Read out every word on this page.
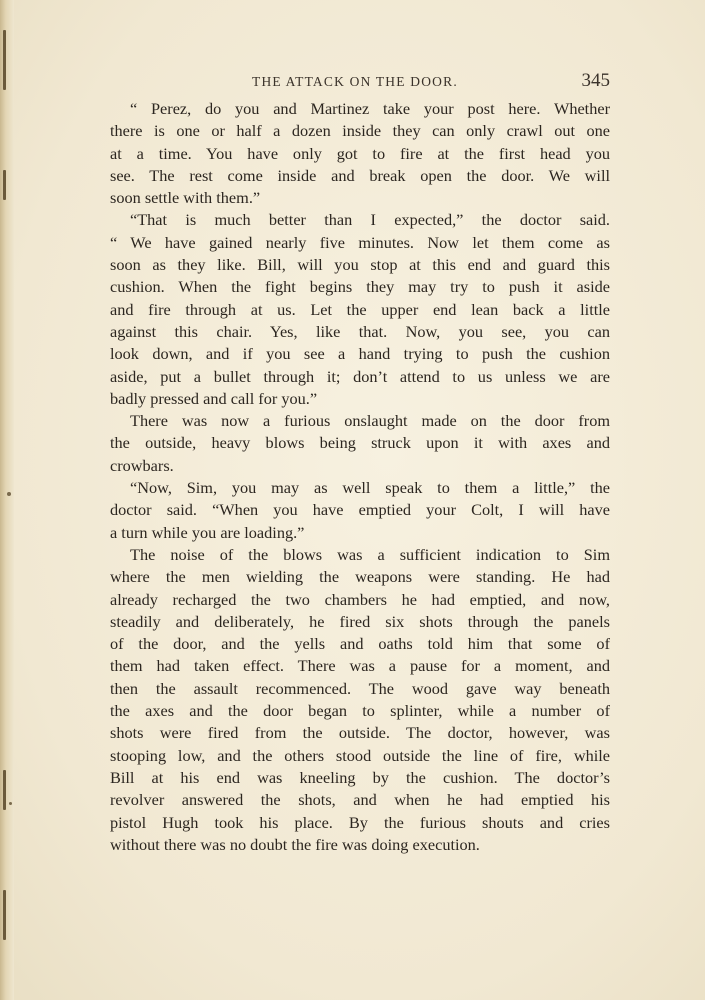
THE ATTACK ON THE DOOR.	345
“ Perez, do you and Martinez take your post here. Whether
there is one or half a dozen inside they can only crawl out one
at a time. You have only got to fire at the first head you
see. The rest come inside and break open the door. We will
soon settle with them.”
“That is much better than I expected,” the doctor said.
“ We have gained nearly five minutes. Now let them come as
soon as they like. Bill, will you stop at this end and guard this
cushion. When the fight begins they may try to push it aside
and fire through at us. Let the upper end lean back a little
against this chair. Yes, like that. Now, you see, you can
look down, and if you see a hand trying to push the cushion
aside, put a bullet through it; don’t attend to us unless we are
badly pressed and call for you.”
There was now a furious onslaught made on the door from
the outside, heavy blows being struck upon it with axes and
crowbars.
“Now, Sim, you may as well speak to them a little,” the
doctor said. “When you have emptied your Colt, I will have
a turn while you are loading.”
The noise of the blows was a sufficient indication to Sim
where the men wielding the weapons were standing. He had
already recharged the two chambers he had emptied, and now,
steadily and deliberately, he fired six shots through the panels
of the door, and the yells and oaths told him that some of
them had taken effect. There was a pause for a moment, and
then the assault recommenced. The wood gave way beneath
the axes and the door began to splinter, while a number of
shots were fired from the outside. The doctor, however, was
stooping low, and the others stood outside the line of fire, while
Bill at his end was kneeling by the cushion. The doctor’s
revolver answered the shots, and when he had emptied his
pistol Hugh took his place. By the furious shouts and cries
without there was no doubt the fire was doing execution.
